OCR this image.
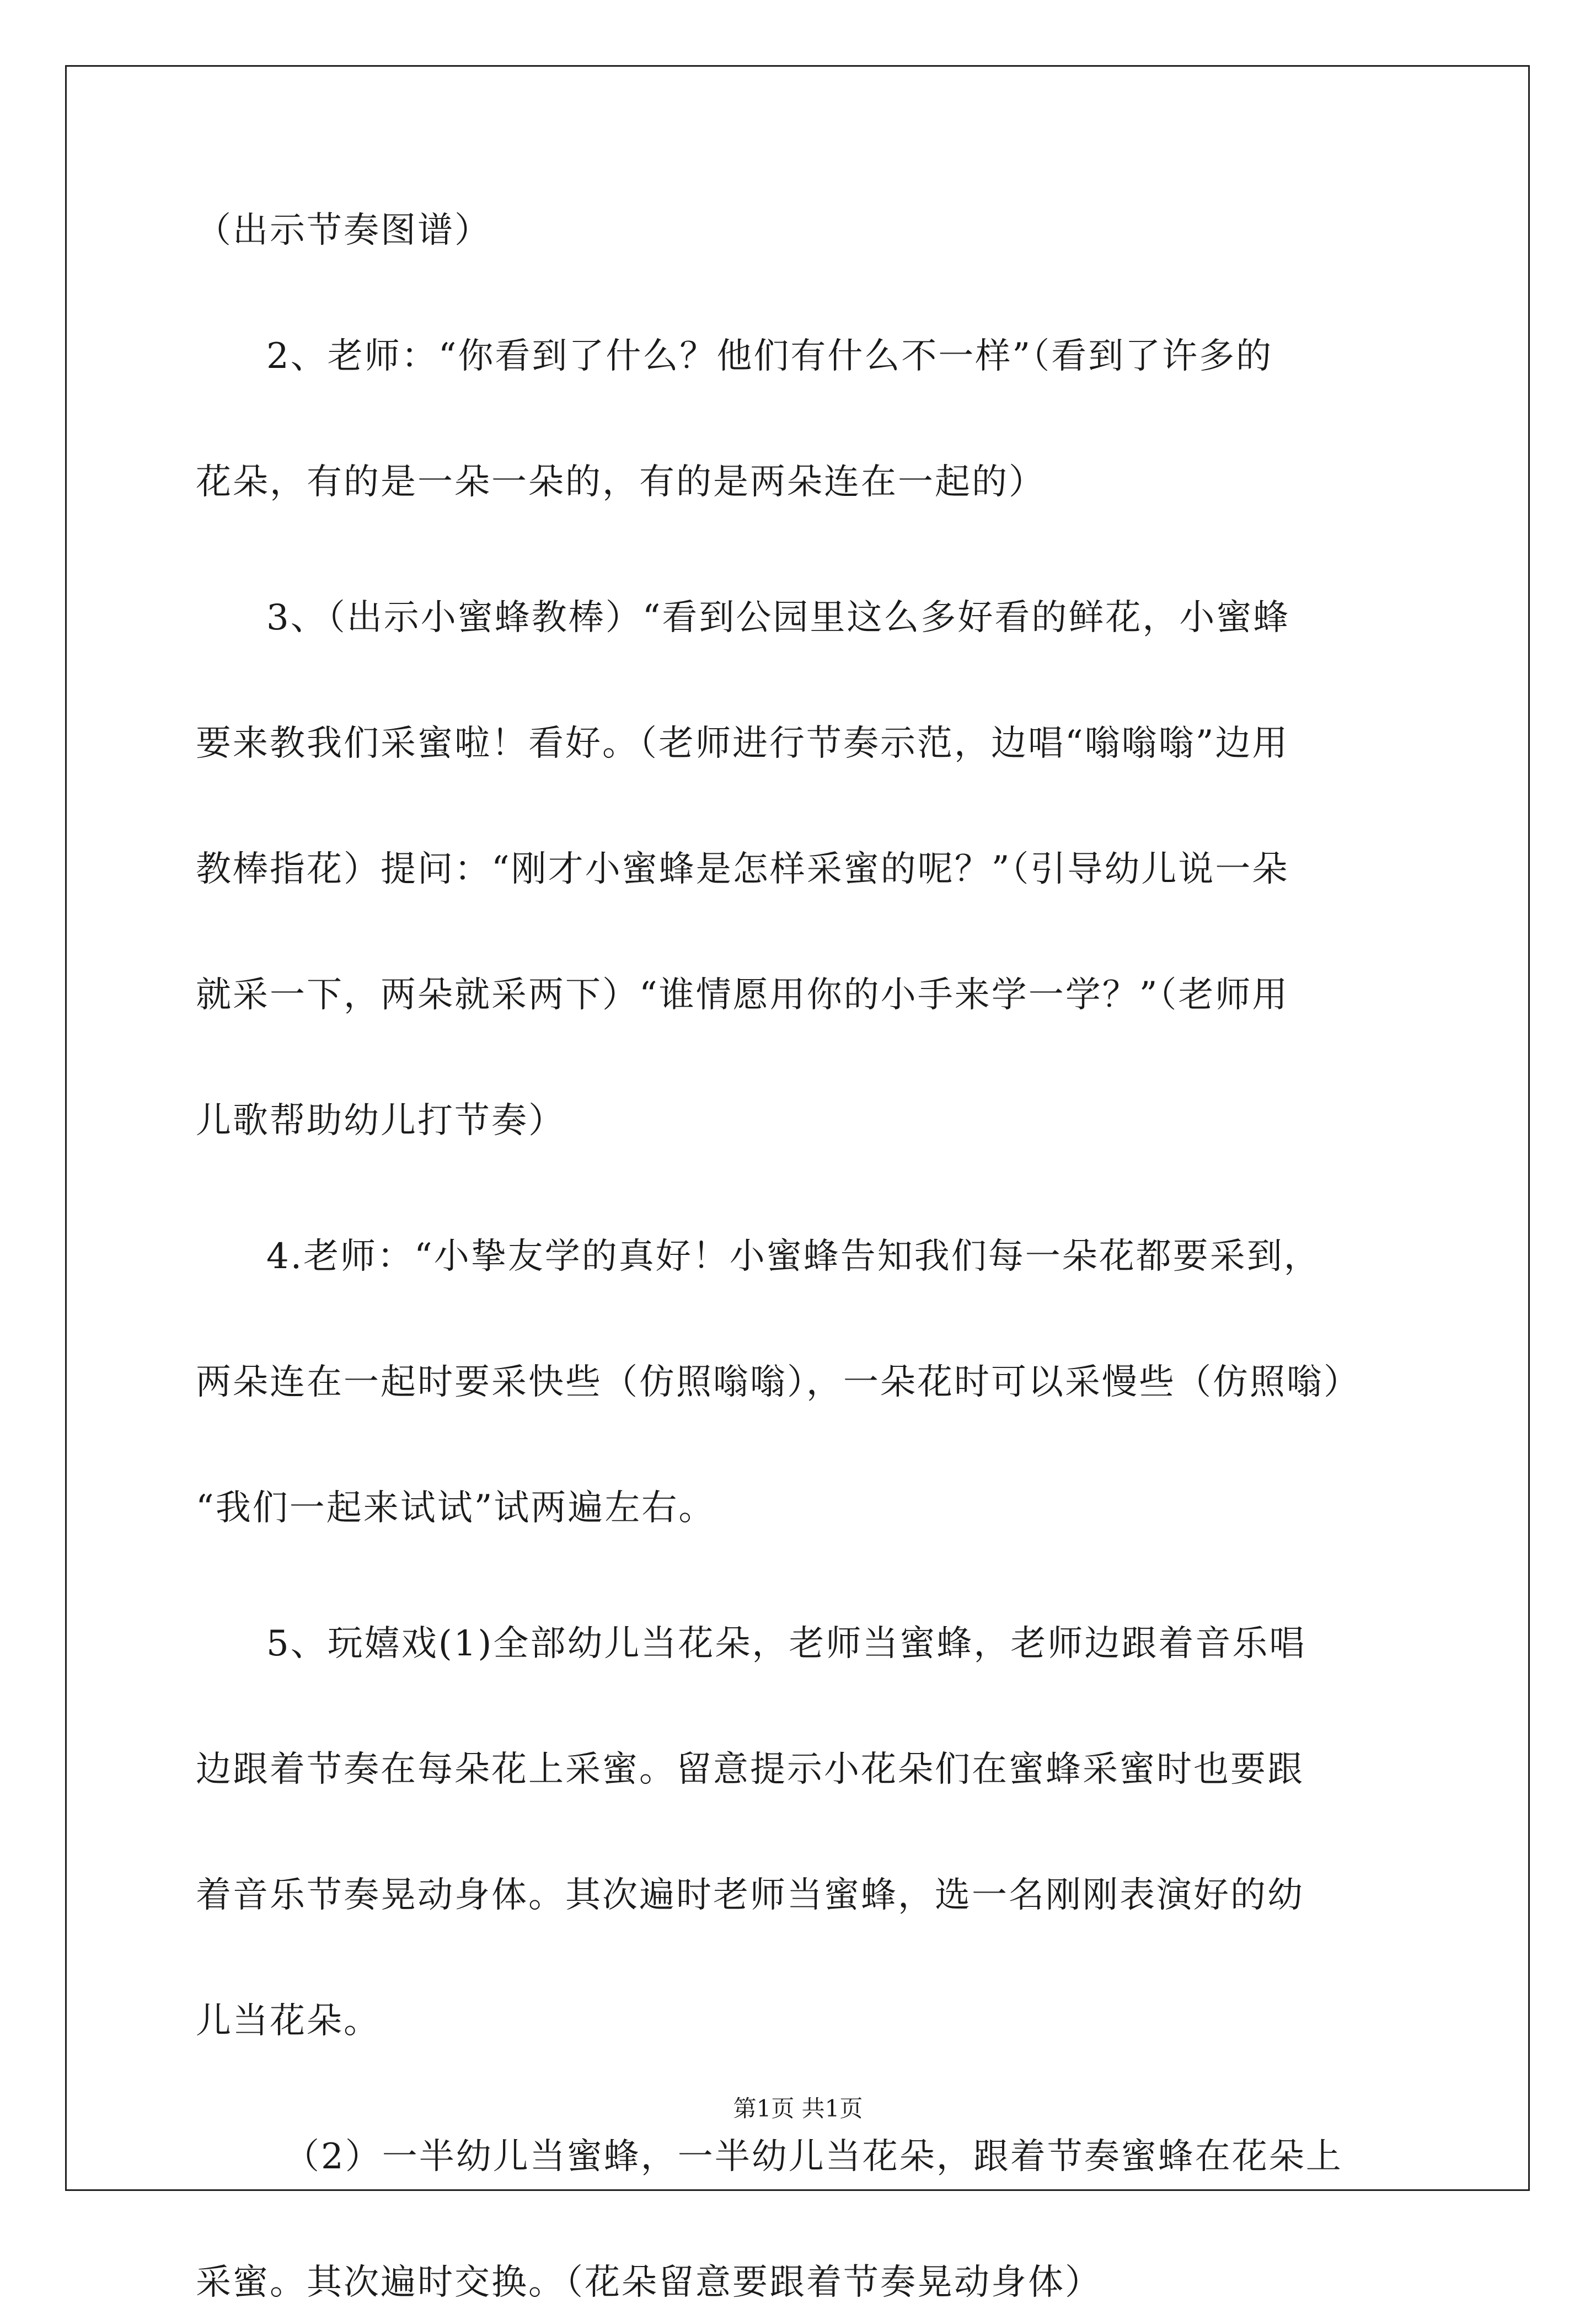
（出示节奏图谱）
2、老师：“你看到了什么？他们有什么不一样”（看到了许多的
花朵，有的是一朵一朵的，有的是两朵连在一起的）
3、（出示小蜜蜂教棒）“看到公园里这么多好看的鲜花，小蜜蜂
要来教我们采蜜啦！看好。（老师进行节奏示范，边唱“嗡嗡嗡”边用
教棒指花）提问：“刚才小蜜蜂是怎样采蜜的呢？”（引导幼儿说一朵
就采一下，两朵就采两下）“谁情愿用你的小手来学一学？”（老师用
儿歌帮助幼儿打节奏）
4.老师：“小挚友学的真好！小蜜蜂告知我们每一朵花都要采到，
两朵连在一起时要采快些（仿照嗡嗡），一朵花时可以采慢些（仿照嗡）
“我们一起来试试”试两遍左右。
5、玩嬉戏(1)全部幼儿当花朵，老师当蜜蜂，老师边跟着音乐唱
边跟着节奏在每朵花上采蜜。留意提示小花朵们在蜜蜂采蜜时也要跟
着音乐节奏晃动身体。其次遍时老师当蜜蜂，选一名刚刚表演好的幼
儿当花朵。
（2）一半幼儿当蜜蜂，一半幼儿当花朵，跟着节奏蜜蜂在花朵上
采蜜。其次遍时交换。（花朵留意要跟着节奏晃动身体）
第1页 共1页
